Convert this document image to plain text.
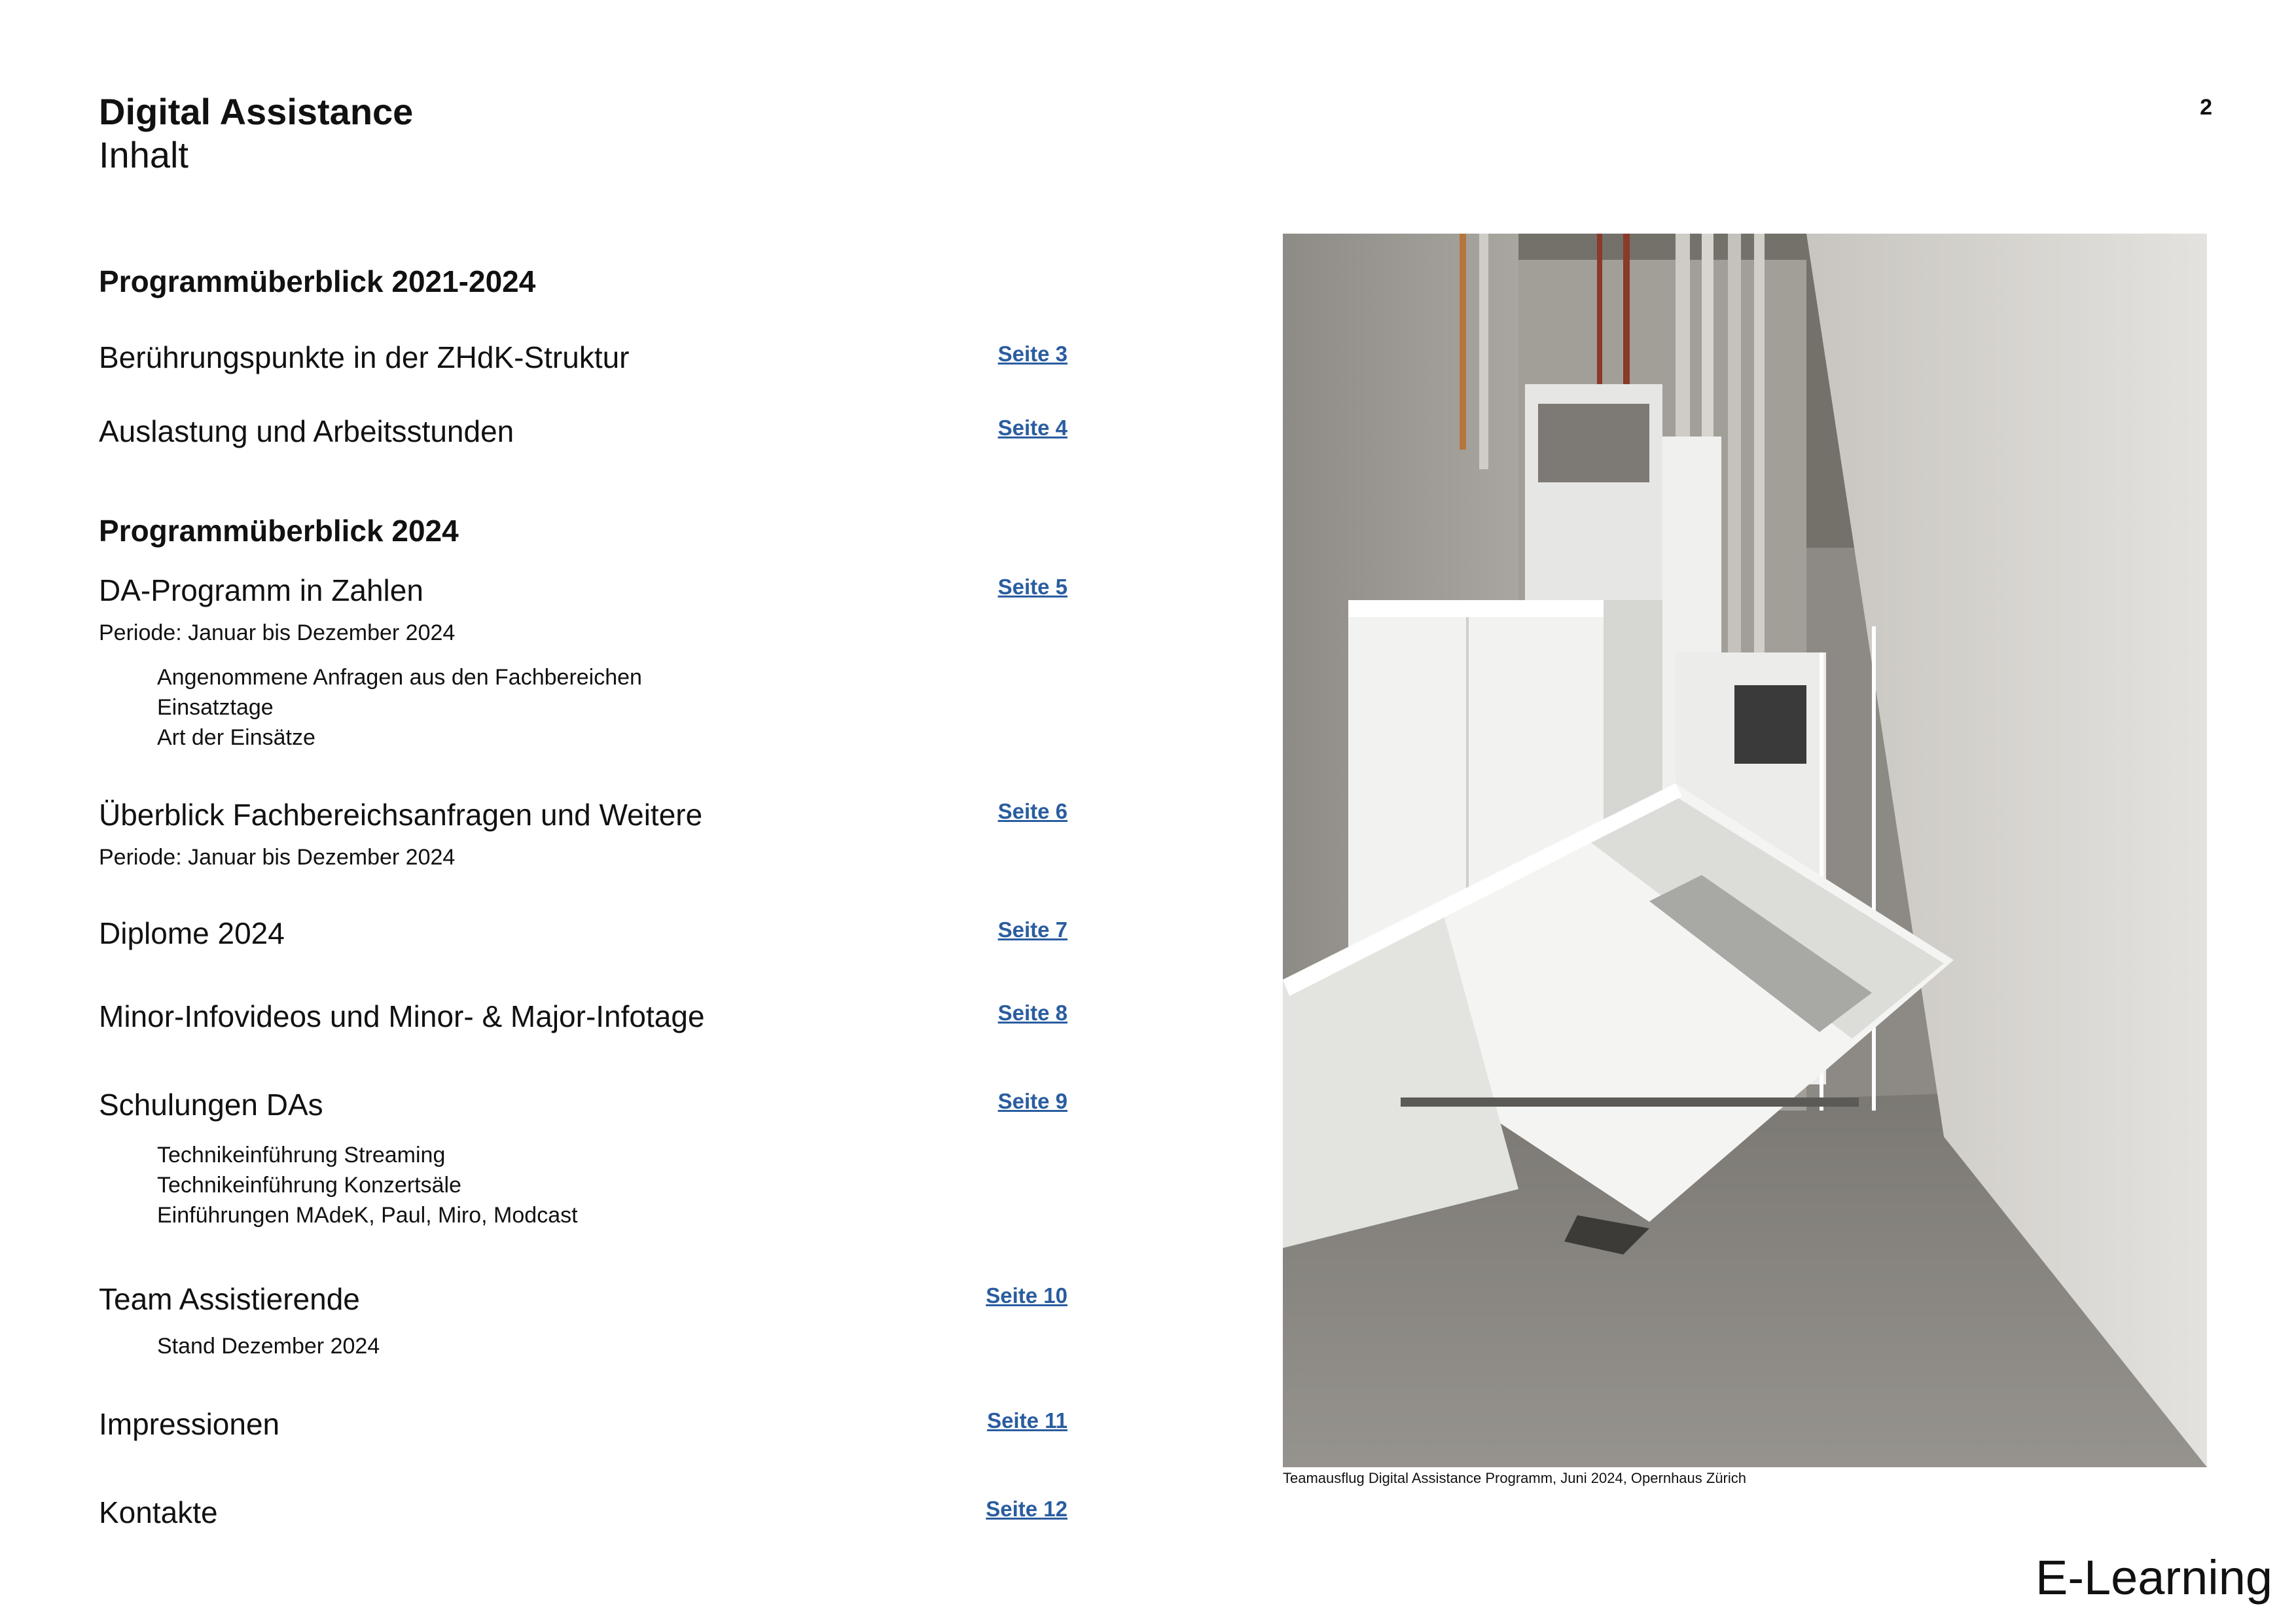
Digital Assistance
Inhalt
2
Programmüberblick 2021-2024
Berührungspunkte in der ZHdK-Struktur	Seite 3
Auslastung und Arbeitsstunden	Seite 4
Programmüberblick 2024
DA-Programm in Zahlen	Seite 5
Periode: Januar bis Dezember 2024
Angenommene Anfragen aus den Fachbereichen
Einsatztage
Art der Einsätze
Überblick Fachbereichsanfragen und Weitere	Seite 6
Periode: Januar bis Dezember 2024
Diplome 2024	Seite 7
Minor-Infovideos und Minor- & Major-Infotage	Seite 8
Schulungen DAs	Seite 9
Technikeinführung Streaming
Technikeinführung Konzertsäle
Einführungen MAdeK, Paul, Miro, Modcast
Team Assistierende	Seite 10
Stand Dezember 2024
Impressionen	Seite 11
Kontakte	Seite 12
Teamausflug Digital Assistance Programm, Juni 2024, Opernhaus Zürich
E-Learning
